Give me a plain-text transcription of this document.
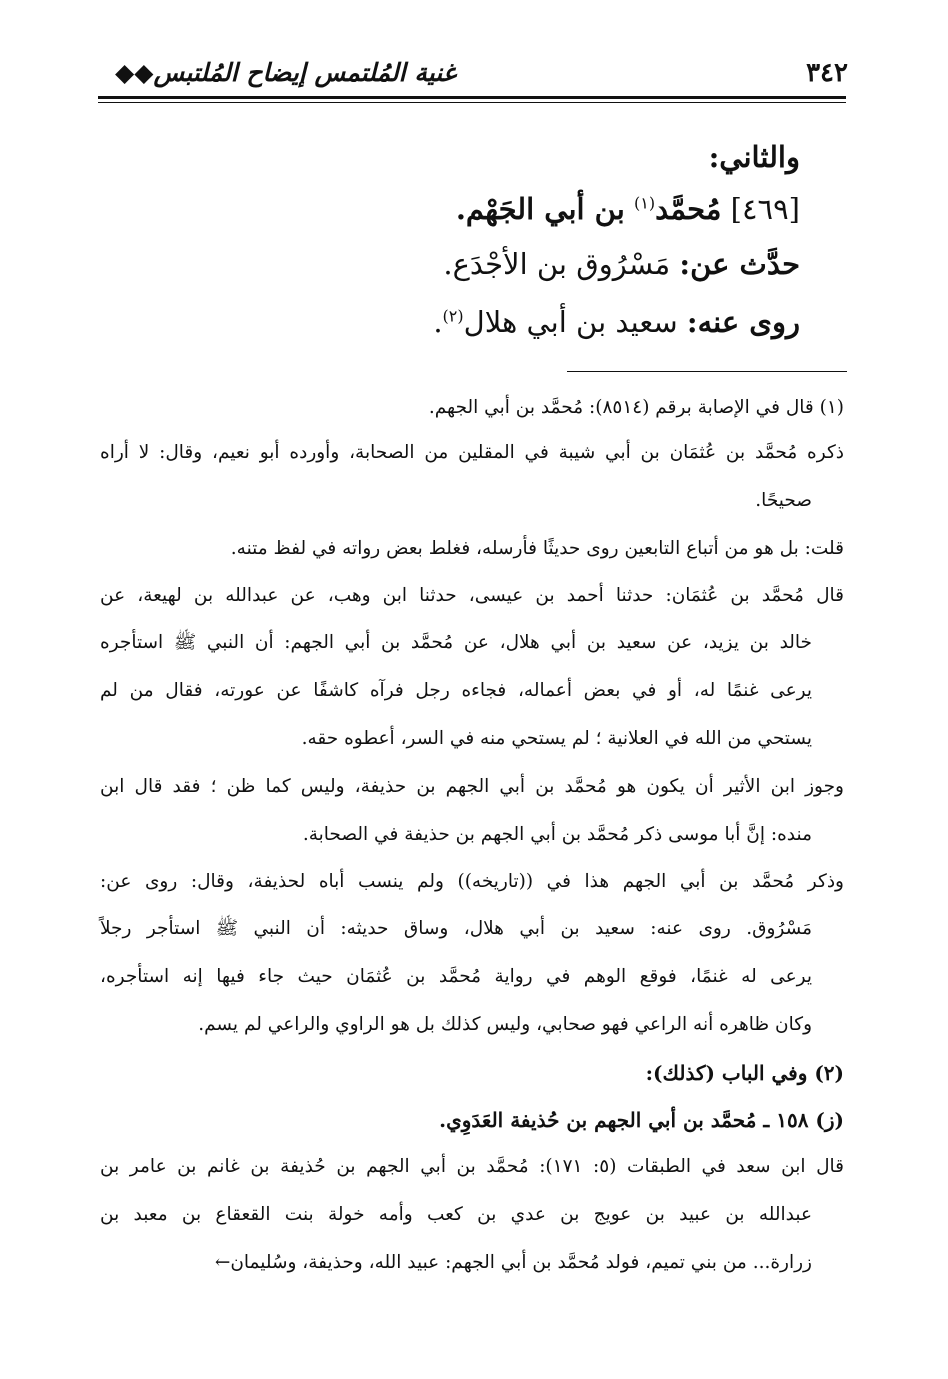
٣٤٢
غنية المُلتمس إيضاح المُلتبس◆◆
والثاني:
[٤٦٩] مُحمَّد$^{(١)}$ بن أبي الجَهْم.
حدَّث عن: مَسْرُوق بن الأجْدَع.
روى عنه: سعيد بن أبي هلال$^{(٢)}$.
(١) قال في الإصابة برقم (٨٥١٤): مُحمَّد بن أبي الجهم.
ذكره مُحمَّد بن عُثمَان بن أبي شيبة في المقلين من الصحابة، وأورده أبو نعيم، وقال: لا أراه
صحيحًا.
قلت: بل هو من أتباع التابعين روى حديثًا فأرسله، فغلط بعض رواته في لفظ متنه.
قال مُحمَّد بن عُثمَان: حدثنا أحمد بن عيسى، حدثنا ابن وهب، عن عبدالله بن لهيعة، عن
خالد بن يزيد، عن سعيد بن أبي هلال، عن مُحمَّد بن أبي الجهم: أن النبي ﷺ استأجره
يرعى غنمًا له، أو في بعض أعماله، فجاءه رجل فرآه كاشفًا عن عورته، فقال من لم
يستحي من الله في العلانية ؛ لم يستحي منه في السر، أعطوه حقه.
وجوز ابن الأثير أن يكون هو مُحمَّد بن أبي الجهم بن حذيفة، وليس كما ظن ؛ فقد قال ابن
منده: إنَّ أبا موسى ذكر مُحمَّد بن أبي الجهم بن حذيفة في الصحابة.
وذكر مُحمَّد بن أبي الجهم هذا في ((تاريخه)) ولم ينسب أباه لحذيفة، وقال: روى عن:
مَسْرُوق. روى عنه: سعيد بن أبي هلال، وساق حديثه: أن النبي ﷺ استأجر رجلاً
يرعى له غنمًا، فوقع الوهم في رواية مُحمَّد بن عُثمَان حيث جاء فيها إنه استأجره،
وكان ظاهره أنه الراعي فهو صحابي، وليس كذلك بل هو الراوي والراعي لم يسم.
(٢) وفي الباب (كذلك):
(ز) ١٥٨ ـ مُحمَّد بن أبي الجهم بن حُذيفة العَدَوِي.
قال ابن سعد في الطبقات (٥: ١٧١): مُحمَّد بن أبي الجهم بن حُذيفة بن غانم بن عامر بن
عبدالله بن عبيد بن عويج بن عدي بن كعب وأمه خولة بنت القعقاع بن معبد بن
زرارة... من بني تميم، فولد مُحمَّد بن أبي الجهم: عبيد الله، وحذيفة، وسُليمان←
